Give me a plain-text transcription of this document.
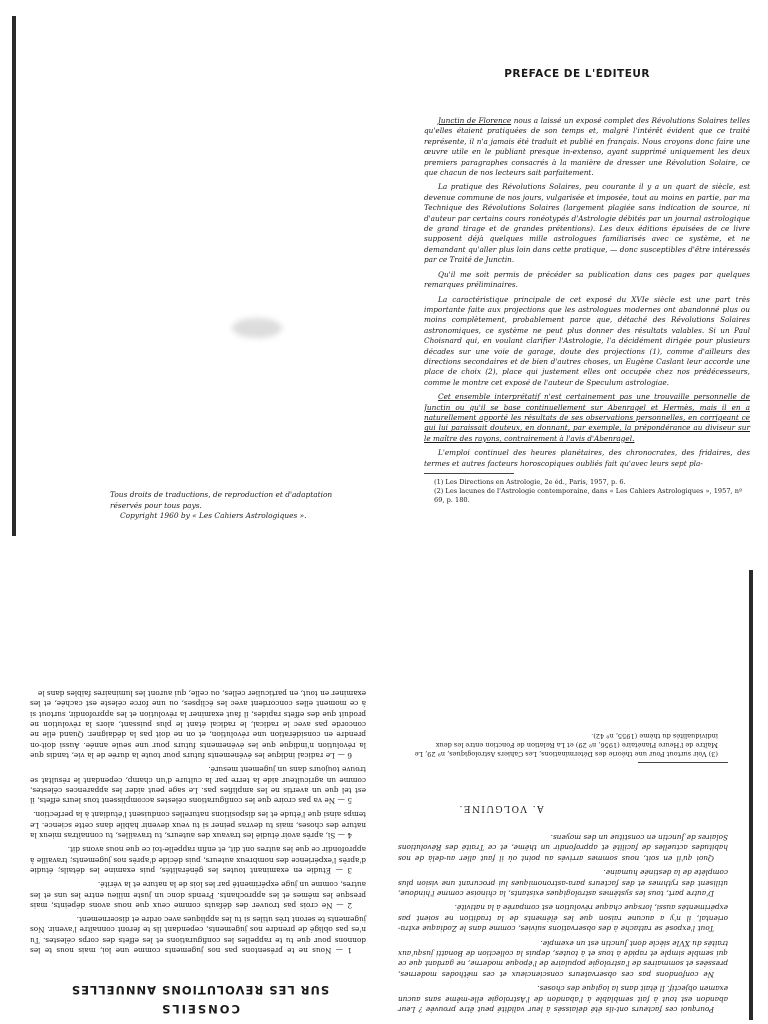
PRÉFACE DE L'ÉDITEUR

Junctin de Florence nous a laissé un exposé complet des Révolutions Solaires telles qu'elles étaient pratiquées de son temps et, malgré l'intérêt évident que ce traité représente, il n'a jamais été traduit et publié en français. Nous croyons donc faire une œuvre utile en le publiant presque in-extenso, ayant supprimé uniquement les deux premiers paragraphes consacrés à la manière de dresser une Révolution Solaire, ce que chacun de nos lecteurs sait parfaitement.

La pratique des Révolutions Solaires, peu courante il y a un quart de siècle, est devenue commune de nos jours, vulgarisée et imposée, tout au moins en partie, par ma Technique des Révolutions Solaires (largement plagiée sans indication de source, ni d'auteur par certains cours ronéotypés d'Astrologie débités par un journal astrologique de grand tirage et de grandes prétentions). Les deux éditions épuisées de ce livre supposent déjà quelques mille astrologues familiarisés avec ce système, et ne demandant qu'aller plus loin dans cette pratique, — donc susceptibles d'être intéressés par ce Traité de Junctin.

Qu'il me soit permis de précéder sa publication dans ces pages par quelques remarques préliminaires.

La caractéristique principale de cet exposé du XVIe siècle est une part très importante faite aux projections que les astrologues modernes ont abandonné plus ou moins complètement, probablement parce que, détaché des Révolutions Solaires astronomiques, ce système ne peut plus donner des résultats valables. Si un Paul Choisnard qui, en voulant clarifier l'Astrologie, l'a décidément dirigée pour plusieurs décades sur une voie de garage, doute des projections (1), comme d'ailleurs des directions secondaires et de bien d'autres choses, un Eugène Caslant leur accorde une place de choix (2), place qui justement elles ont occupée chez nos prédécesseurs, comme le montre cet exposé de l'auteur de Speculum astrologiae.

Cet ensemble interprétatif n'est certainement pas une trouvaille personnelle de Junctin ou qu'il se base continuellement sur Abenragel et Hermès, mais il en a naturellement apporté les résultats de ses observations personnelles, en corrigeant ce qui lui paraissait douteux, en donnant, par exemple, la prépondérance au diviseur sur le maître des rayons, contrairement à l'avis d'Abenragel.

L'emploi continuel des heures planétaires, des chronocrates, des fridaires, des termes et autres facteurs horoscopiques oubliés fait qu'avec leurs sept pla-

(1) Les Directions en Astrologie, 2e éd., Paris, 1957, p. 6.

(2) Les lacunes de l'Astrologie contemporaine, dans « Les Cahiers Astrologiques », 1957, nº 69, p. 180.

Tous droits de traductions, de reproduction et d'adaptation
réservés pour tous pays.
Copyright 1960 by « Les Cahiers Astrologiques ».
CONSEILS
SUR LES REVOLUTIONS ANNUELLES

1 — Nous ne te présentons pas nos jugements comme une loi, mais nous te les donnons pour que tu te rappelles les configurations et les effets des corps célestes. Tu n'es pas obligé de prendre nos jugements, cependant ils te feront connaître l'avenir. Nos jugements te seront très utiles si tu les appliques avec ordre et discernement.

2 — Ne crois pas trouver des défauts comme ceux que nous avons dépeints, mais presque les mêmes et les approchants. Prends donc un juste milieu entre les uns et les autres, comme un juge expérimenté par les lois de la nature et la vérité.

3 — Étudie en examinant toutes les généralités, puis examine les détails; étudie d'après l'expérience des nombreux auteurs, puis décide d'après nos jugements; travaille à approfondir ce que les autres ont dit, et enfin rappelle-toi ce que nous avons dit.

4 — Si, après avoir étudié les travaux des auteurs, tu travailles, tu connaîtras mieux la nature des choses, mais tu devras peiner si tu veux devenir habile dans cette science. Le temps ainsi que l'étude et les dispositions naturelles conduisent l'étudiant à la perfection.

5 — Ne va pas croire que les configurations célestes accomplissent tous leurs effets, il est tel que un avertis ne les amplifies pas. Le sage peut aider les apparences célestes, comme un agriculteur aide la terre par la culture d'un champ, cependant le résultat se trouve toujours dans un jugement mesuré.

6 — Le radical indique les événements futurs pour toute la durée de la vie, tandis que la révolution n'indique que les événements futurs pour une seule année. Aussi doit-on prendre en considération une révolution, et on ne doit pas la dédaigner. Quand elle ne concorde pas avec le radical, le radical étant le plus puissant, alors la révolution ne produit que des effets rapides, il faut examiner la révolution et les approfondir, surtout si à ce moment elles concordent avec les éclipses, ou une force céleste est cachée, et les examiner en tout, en particulier celles, ou celle, qui auront les luminaires faibles dans le

Pourquoi ces facteurs ont-ils été délaissés à leur validité peut être prouvée ? Leur abandon est tout à fait semblable à l'abandon de l'Astrologie elle-même sans aucun examen objectif. Il était dans la logique des choses.

Ne confondons pas ces observateurs consciencieux et ces méthodes modernes, pressées et sommaires de l'astrologie populaire de l'époque moderne, ne gardant que ce qui semble simple et rapide à tous et à toutes, depuis la collection de Bonatti jusqu'aux traités du XVIe siècle dont Junctin est un exemple.

Tout l'exposé se rattache à des observations suivies, comme dans le Zodiaque extra-oriental, il n'y a aucune raison que les éléments de la tradition ne soient pas expérimentés aussi, lorsque chaque révolution est comparée à la nativité.

D'autre part, tous les systèmes astrologiques existants, la chinoise comme l'hindoue, utilisent des rythmes et des facteurs para-astronomiques lui procurant une vision plus complète de la destinée humaine.

Quoi qu'il en soit, nous sommes arrivés au point où il faut aller au-delà de nos habitudes actuelles de facilité et approfondir un thème, et ce Traité des Révolutions Solaires de Junctin en constitue un des moyens.

A. VOLGUINE.

(3) Voir surtout Pour une théorie des Déterminations, Les Cahiers Astrologiques, nº 29, Le Maître de l'Heure Planétaire (1956, nº 29) et La Relation de Fonction entre les deux individualités du thème (1955, nº 42).
